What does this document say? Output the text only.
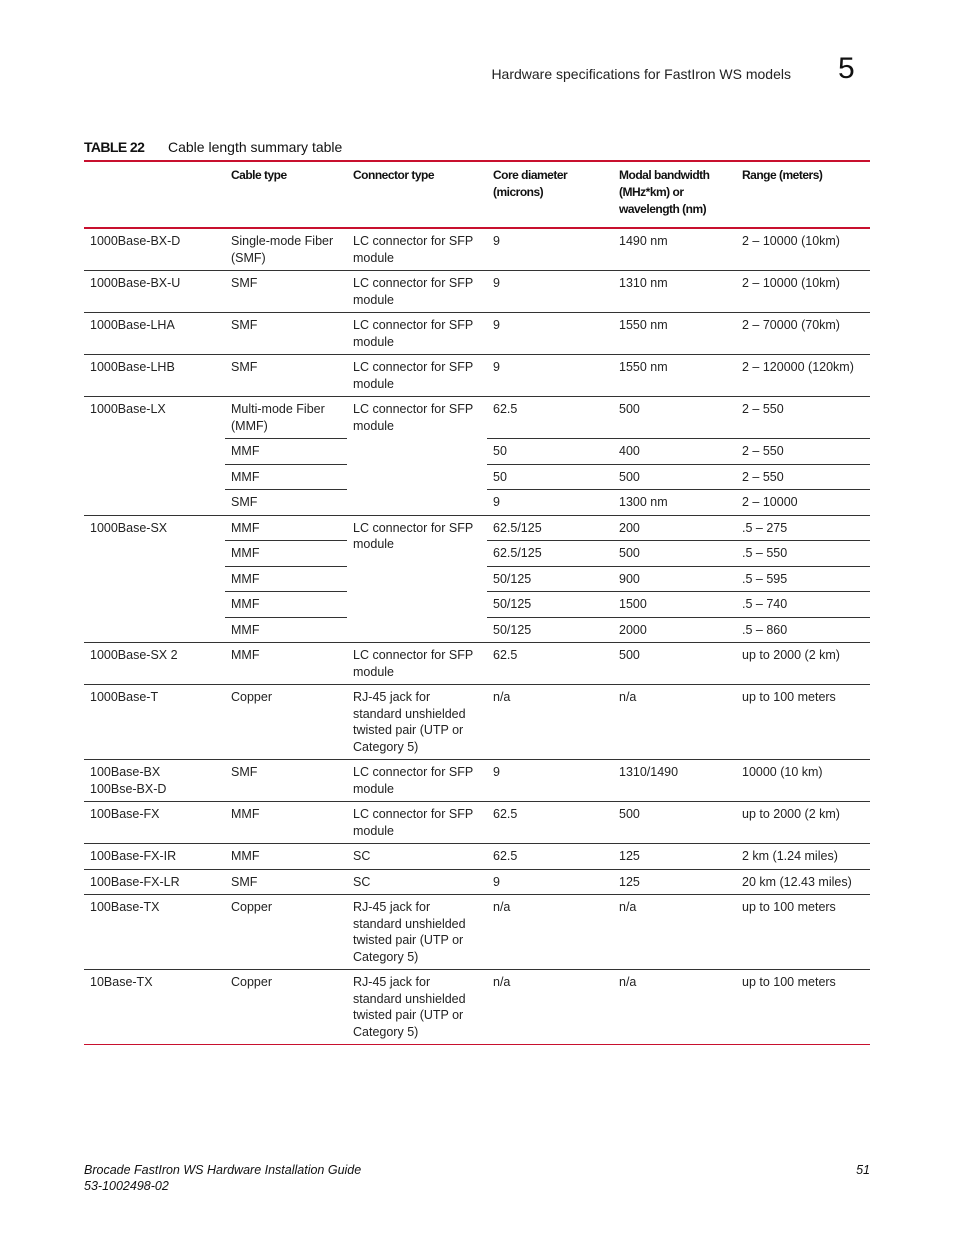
Hardware specifications for FastIron WS models 5
TABLE 22 Cable length summary table
	Cable type	Connector type	Core diameter (microns)	Modal bandwidth (MHz*km) or wavelength (nm)	Range (meters)
1000Base-BX-D	Single-mode Fiber (SMF)	LC connector for SFP module	9	1490 nm	2 – 10000 (10km)
1000Base-BX-U	SMF	LC connector for SFP module	9	1310 nm	2 – 10000 (10km)
1000Base-LHA	SMF	LC connector for SFP module	9	1550 nm	2 – 70000 (70km)
1000Base-LHB	SMF	LC connector for SFP module	9	1550 nm	2 – 120000 (120km)
1000Base-LX	Multi-mode Fiber (MMF)	LC connector for SFP module	62.5	500	2 – 550
	MMF		50	400	2 – 550
	MMF		50	500	2 – 550
	SMF		9	1300 nm	2 – 10000
1000Base-SX	MMF	LC connector for SFP module	62.5/125	200	.5 – 275
	MMF		62.5/125	500	.5 – 550
	MMF		50/125	900	.5 – 595
	MMF		50/125	1500	.5 – 740
	MMF		50/125	2000	.5 – 860
1000Base-SX 2	MMF	LC connector for SFP module	62.5	500	up to 2000 (2 km)
1000Base-T	Copper	RJ-45 jack for standard unshielded twisted pair (UTP or Category 5)	n/a	n/a	up to 100 meters

100Base-BX
100Bse-BX-D	SMF	LC connector for SFP module	9	1310/1490	10000 (10 km)
100Base-FX	MMF	LC connector for SFP module	62.5	500	up to 2000 (2 km)
100Base-FX-IR	MMF	SC	62.5	125	2 km (1.24 miles)
100Base-FX-LR	SMF	SC	9	125	20 km (12.43 miles)
100Base-TX	Copper	RJ-45 jack for standard unshielded twisted pair (UTP or Category 5)	n/a	n/a	up to 100 meters
10Base-TX	Copper	RJ-45 jack for standard unshielded twisted pair (UTP or Category 5)	n/a	n/a	up to 100 meters
Brocade FastIron WS Hardware Installation Guide
53-1002498-02
51
